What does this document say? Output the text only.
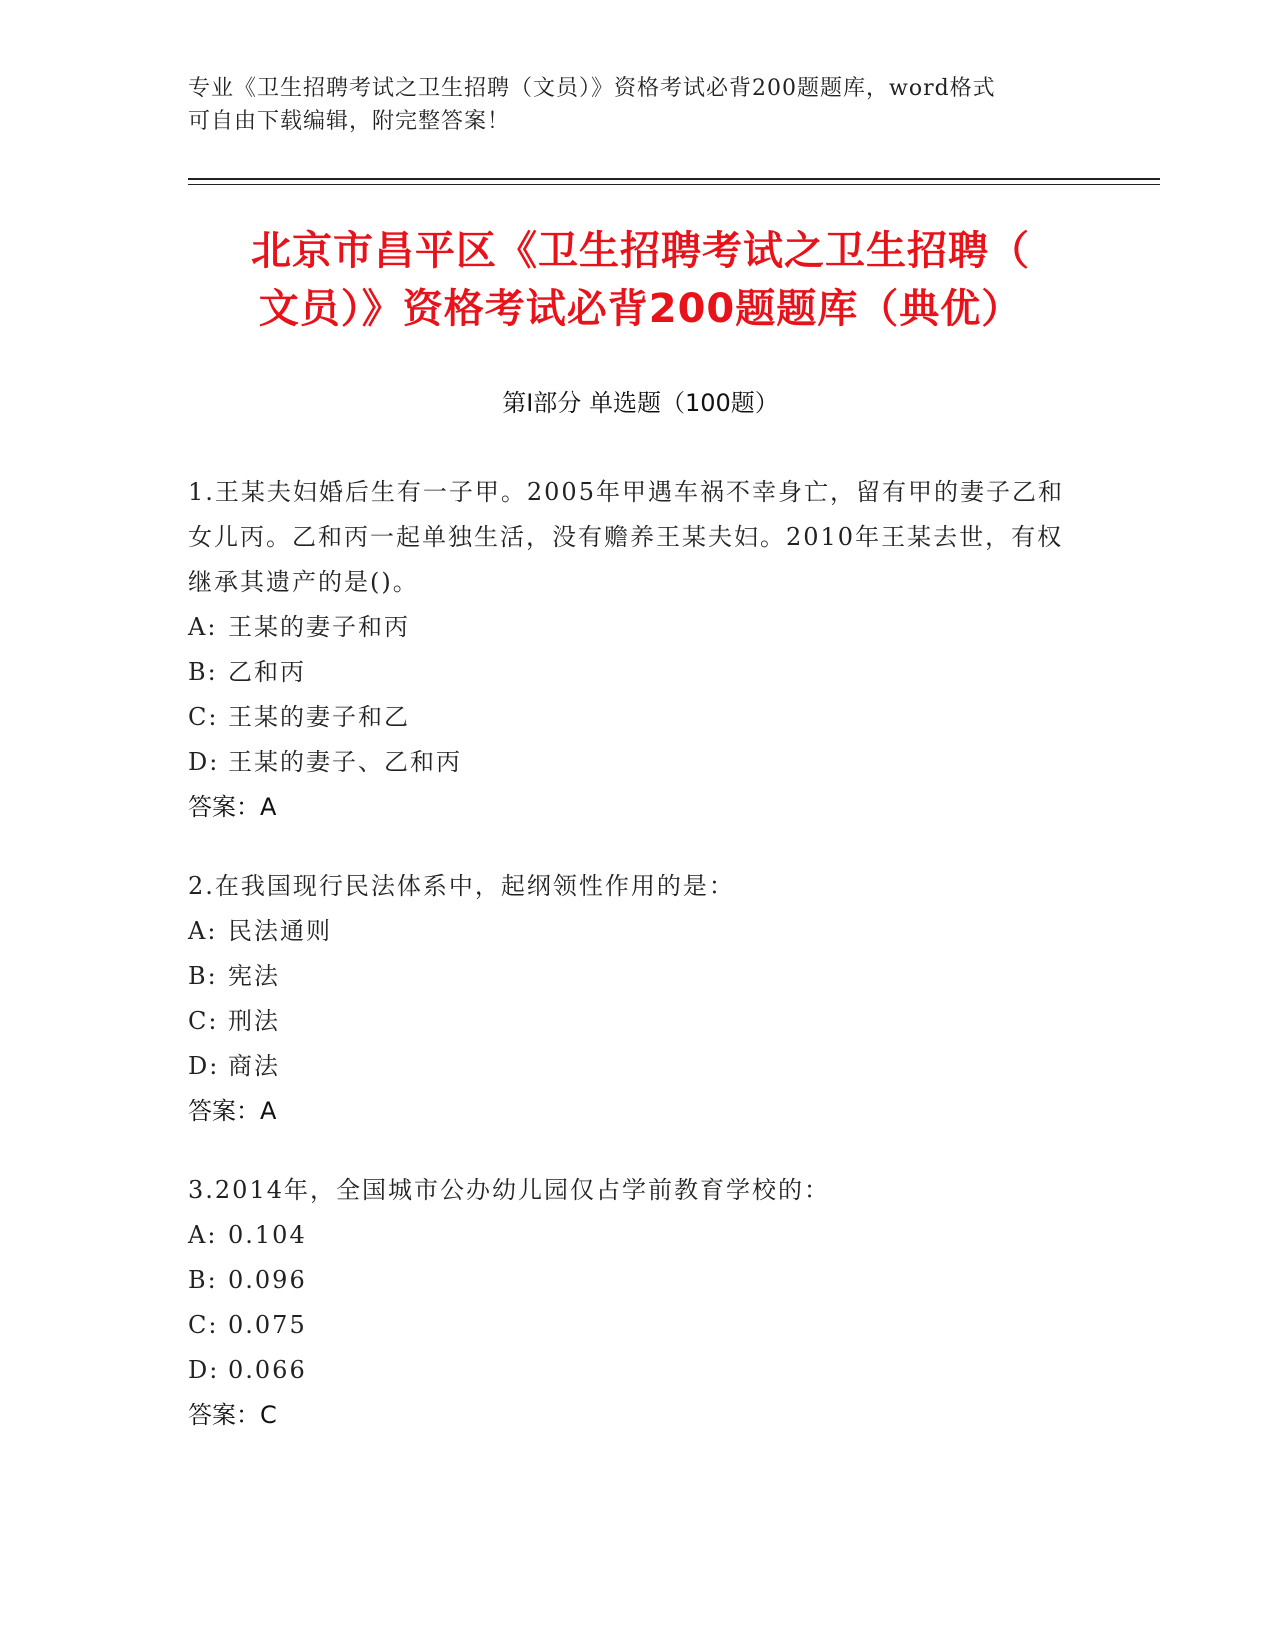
专业《卫生招聘考试之卫生招聘（文员）》资格考试必背200题题库，word格式
可自由下载编辑，附完整答案！
北京市昌平区《卫生招聘考试之卫生招聘（
文员）》资格考试必背200题题库（典优）
第Ⅰ部分 单选题（100题）
1.王某夫妇婚后生有一子甲。2005年甲遇车祸不幸身亡，留有甲的妻子乙和女儿丙。乙和丙一起单独生活，没有赡养王某夫妇。2010年王某去世，有权继承其遗产的是()。
A: 王某的妻子和丙
B: 乙和丙
C: 王某的妻子和乙
D: 王某的妻子、乙和丙
答案：A
2.在我国现行民法体系中，起纲领性作用的是：
A: 民法通则
B: 宪法
C: 刑法
D: 商法
答案：A
3.2014年，全国城市公办幼儿园仅占学前教育学校的：
A: 0.104
B: 0.096
C: 0.075
D: 0.066
答案：C
